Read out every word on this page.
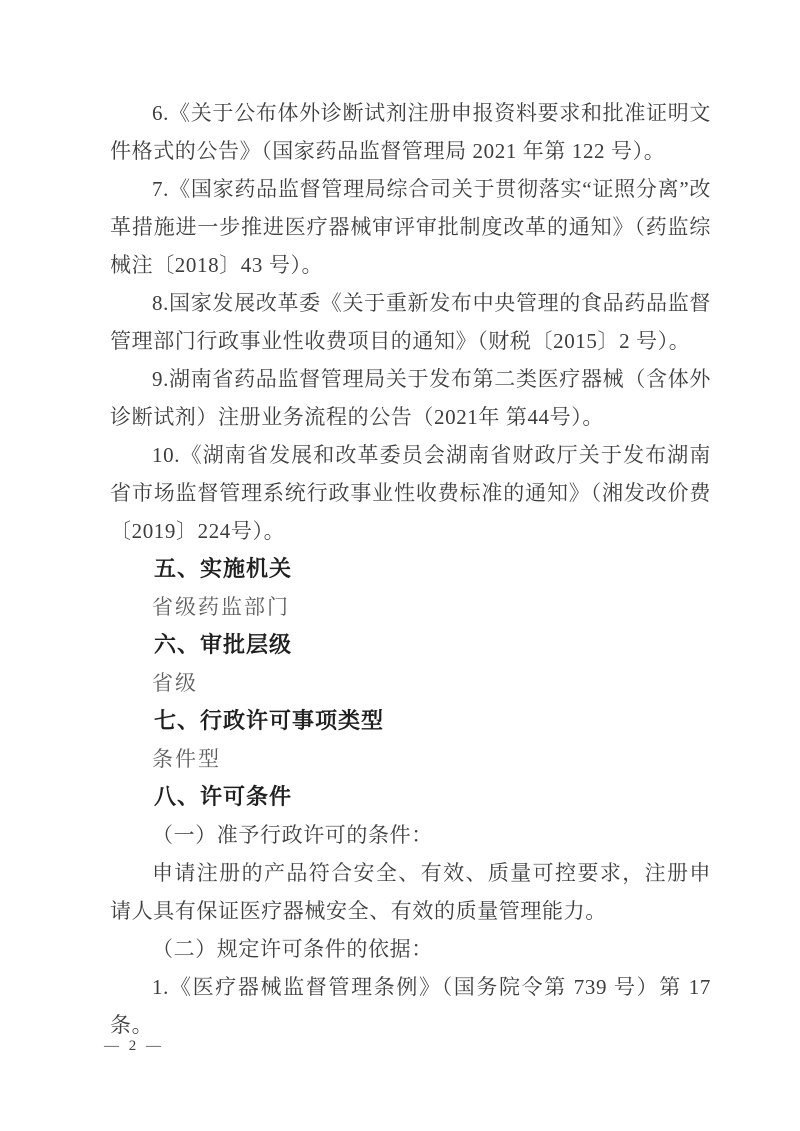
6.《关于公布体外诊断试剂注册申报资料要求和批准证明文件格式的公告》（国家药品监督管理局 2021 年第 122 号）。

7.《国家药品监督管理局综合司关于贯彻落实“证照分离”改革措施进一步推进医疗器械审评审批制度改革的通知》（药监综械注〔2018〕43 号）。

8.国家发展改革委《关于重新发布中央管理的食品药品监督管理部门行政事业性收费项目的通知》（财税〔2015〕2 号）。

9.湖南省药品监督管理局关于发布第二类医疗器械（含体外诊断试剂）注册业务流程的公告（2021年 第44号）。

10.《湖南省发展和改革委员会湖南省财政厅关于发布湖南省市场监督管理系统行政事业性收费标准的通知》（湘发改价费〔2019〕224号）。

五、实施机关

省级药监部门

六、审批层级

省级

七、行政许可事项类型

条件型

八、许可条件

（一）准予行政许可的条件：

申请注册的产品符合安全、有效、质量可控要求，注册申请人具有保证医疗器械安全、有效的质量管理能力。

（二）规定许可条件的依据：

1.《医疗器械监督管理条例》（国务院令第 739 号）第 17 条。

— 2 —
